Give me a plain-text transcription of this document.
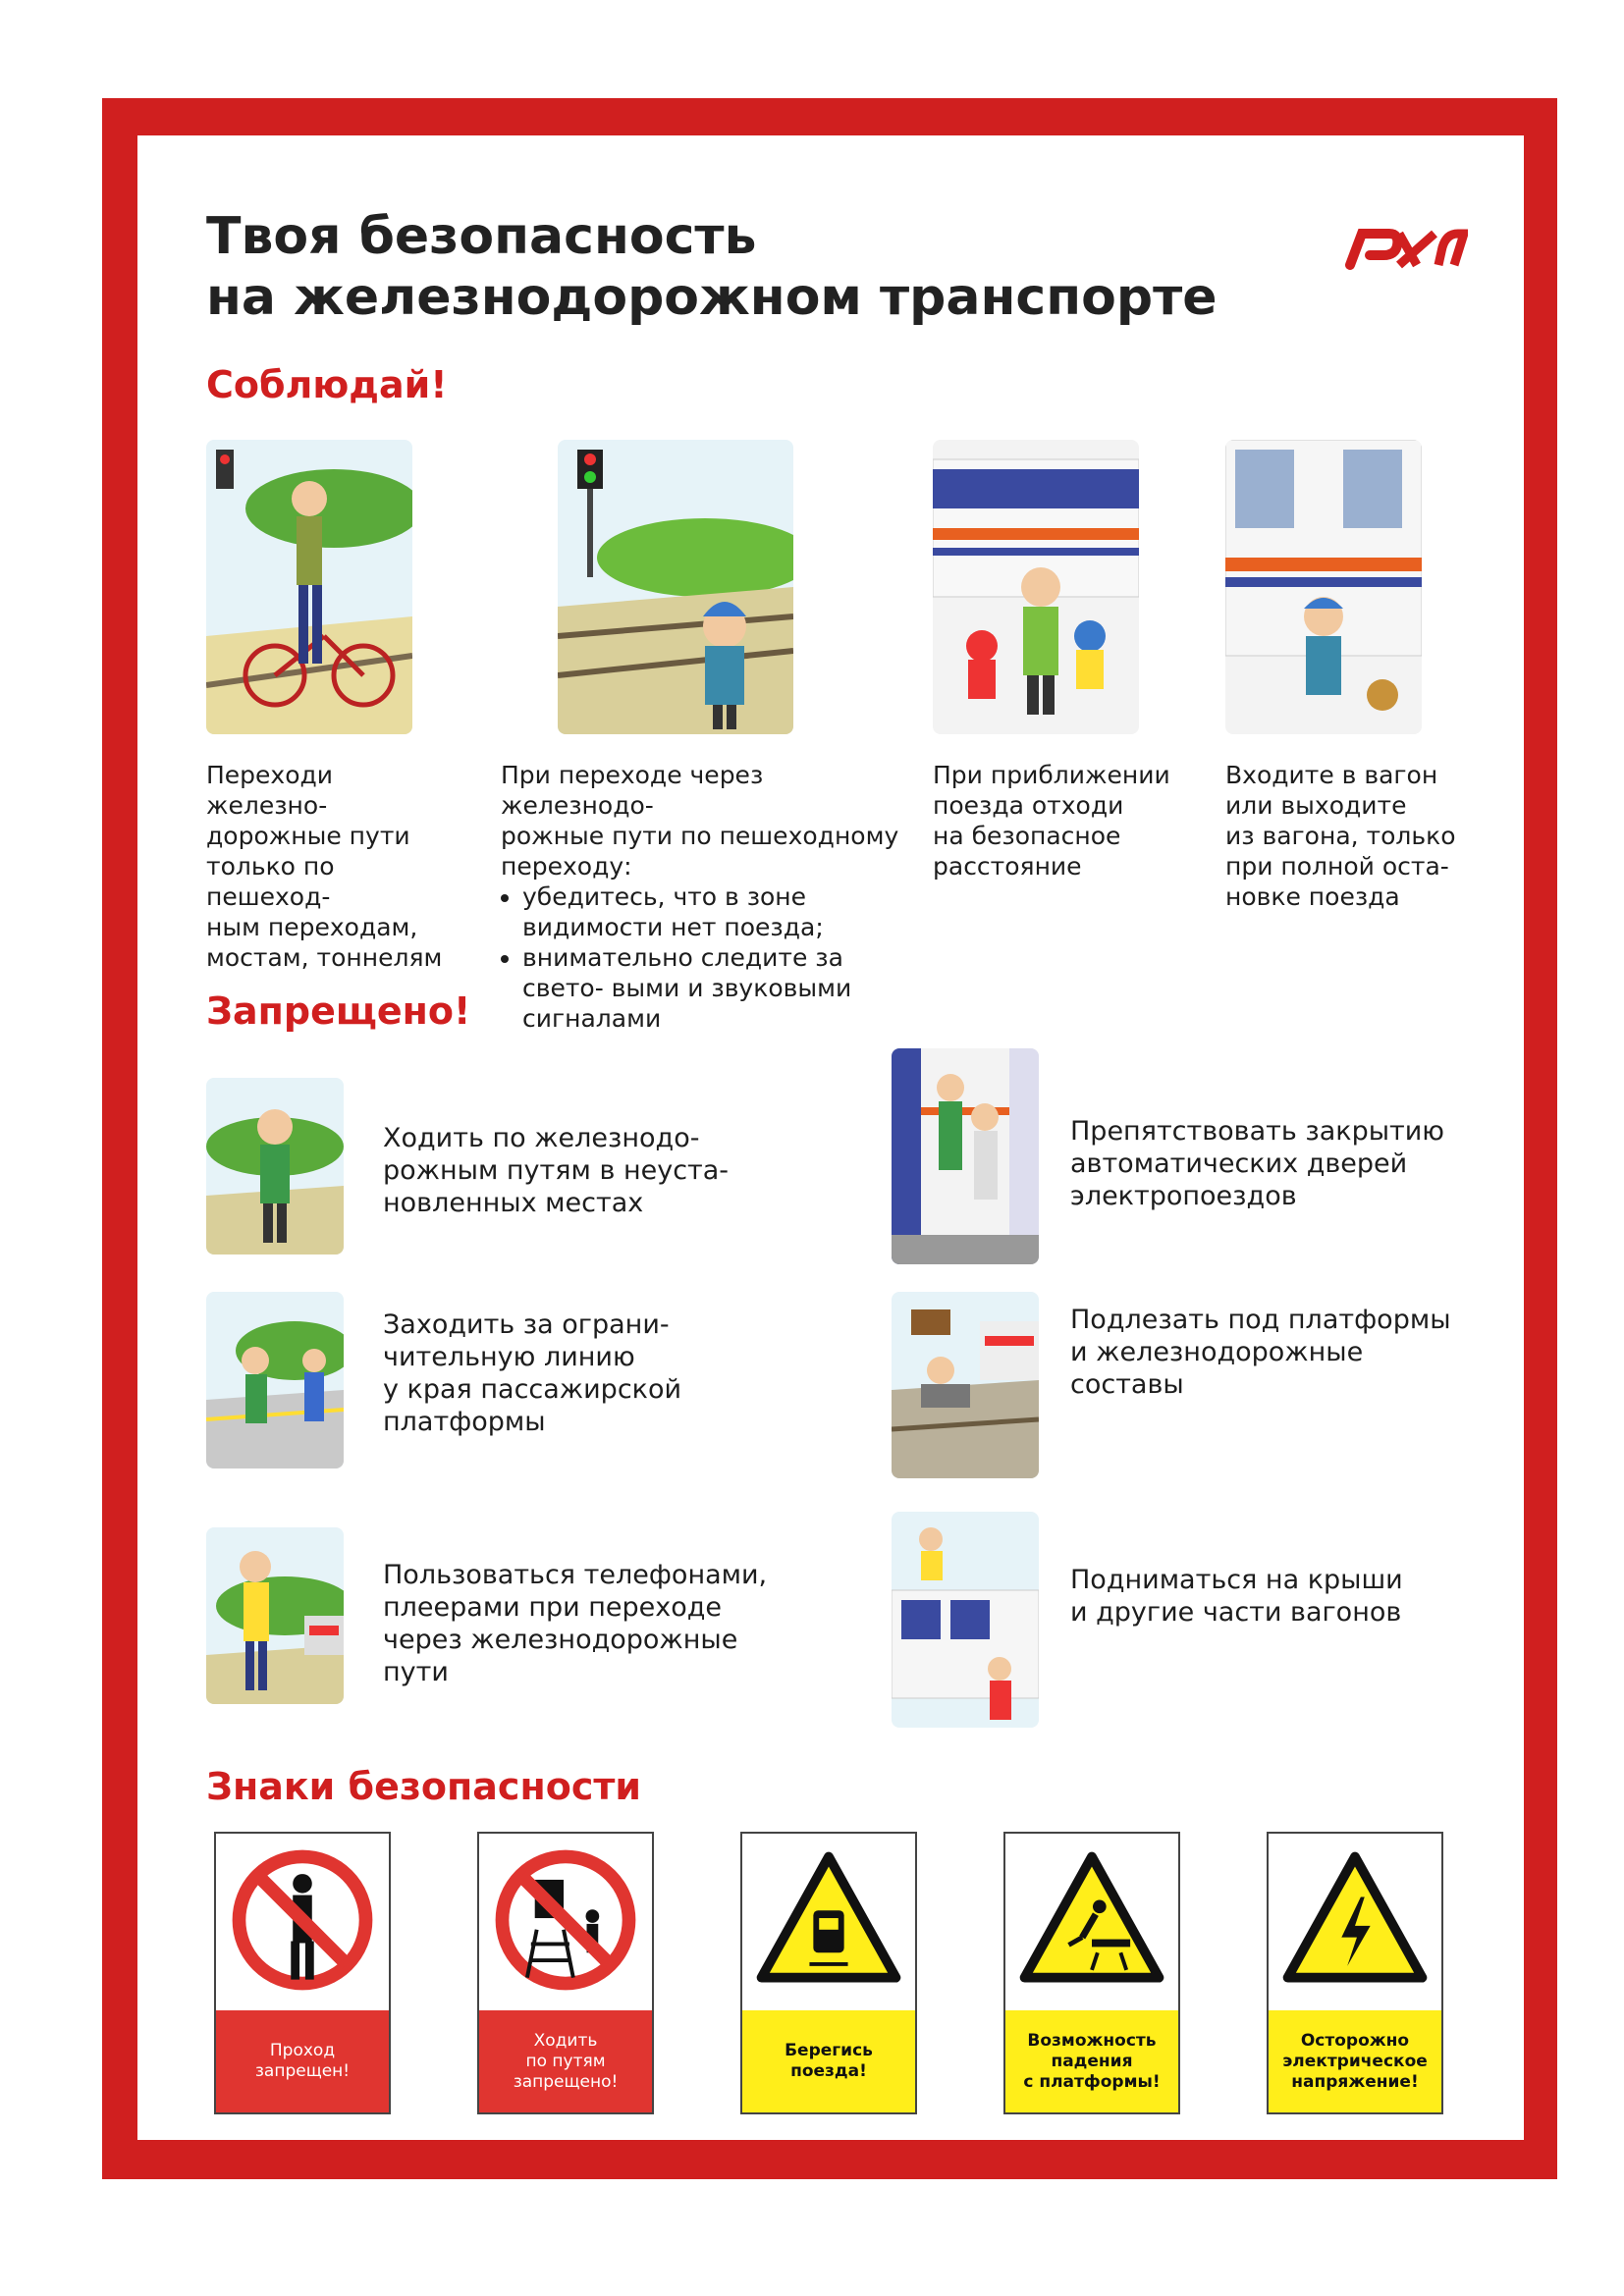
Твоя безопасность
на железнодорожном транспорте
Соблюдай!
Переходи железно-
дорожные пути
только по пешеход-
ным переходам,
мостам, тоннелям
При переходе через железнодо-
рожные пути по пешеходному
переходу:
• убедитесь, что в зоне видимости нет поезда;
• внимательно следите за свето- выми и звуковыми сигналами
При приближении
поезда отходи
на безопасное
расстояние
Входите в вагон
или выходите
из вагона, только
при полной оста-
новке поезда
Запрещено!
Ходить по железнодо-
рожным путям в неуста-
новленных местах
Заходить за ограни-
чительную линию
у края пассажирской
платформы
Пользоваться телефонами,
плеерами при переходе
через железнодорожные
пути
Препятствовать закрытию
автоматических дверей
электропоездов
Подлезать под платформы
и железнодорожные
составы
Подниматься на крыши
и другие части вагонов
Знаки безопасности
Проход
запрещен!
Ходить
по путям
запрещено!
Берегись
поезда!
Возможность
падения
с платформы!
Осторожно
электрическое
напряжение!
